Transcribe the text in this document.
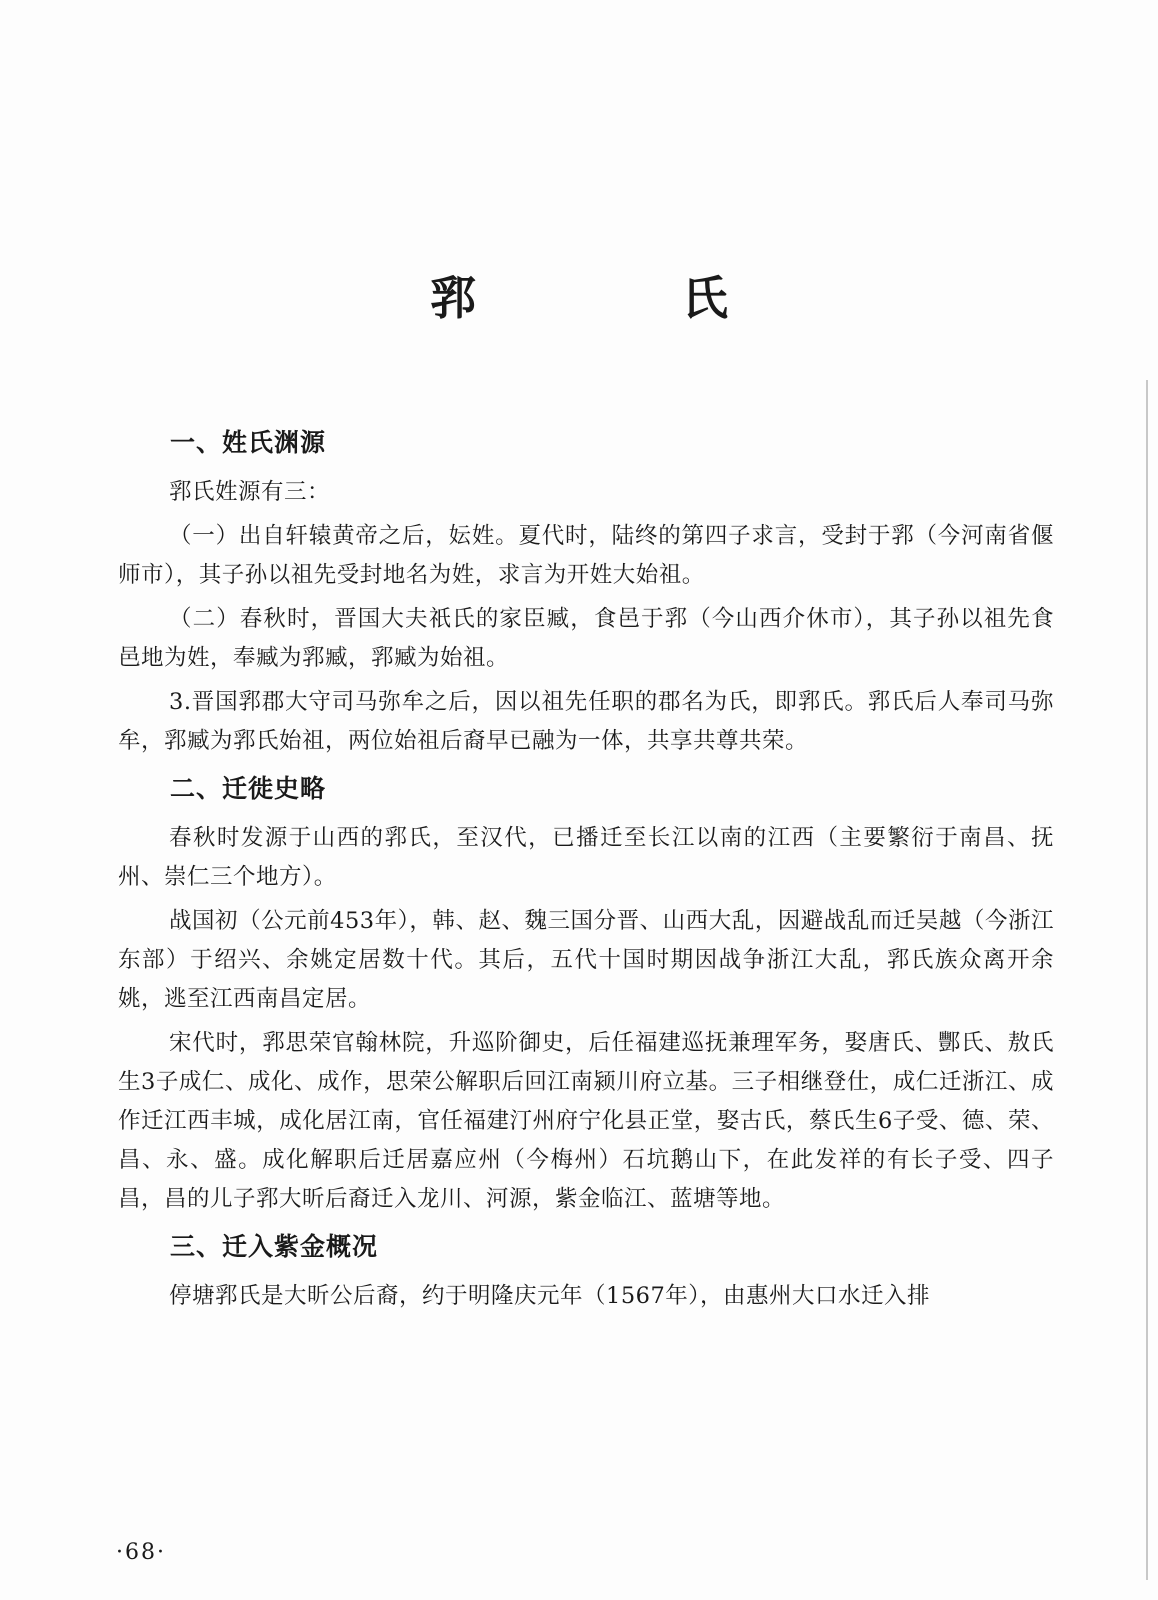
郛　氏
一、姓氏渊源

郛氏姓源有三：

（一）出自轩辕黄帝之后，妘姓。夏代时，陆终的第四子求言，受封于郛（今河南省偃师市），其子孙以祖先受封地名为姓，求言为开姓大始祖。

（二）春秋时，晋国大夫祇氏的家臣臧，食邑于郛（今山西介休市），其子孙以祖先食邑地为姓，奉臧为郛臧，郛臧为始祖。

3.晋国郛郡大守司马弥牟之后，因以祖先任职的郡名为氏，即郛氏。郛氏后人奉司马弥牟，郛臧为郛氏始祖，两位始祖后裔早已融为一体，共享共尊共荣。

二、迁徙史略

春秋时发源于山西的郛氏，至汉代，已播迁至长江以南的江西（主要繁衍于南昌、抚州、崇仁三个地方）。

战国初（公元前453年），韩、赵、魏三国分晋、山西大乱，因避战乱而迁吴越（今浙江东部）于绍兴、余姚定居数十代。其后，五代十国时期因战争浙江大乱，郛氏族众离开余姚，逃至江西南昌定居。

宋代时，郛思荣官翰林院，升巡阶御史，后任福建巡抚兼理军务，娶唐氏、酆氏、敖氏生3子成仁、成化、成作，思荣公解职后回江南颍川府立基。三子相继登仕，成仁迁浙江、成作迁江西丰城，成化居江南，官任福建汀州府宁化县正堂，娶古氏，蔡氏生6子受、德、荣、昌、永、盛。成化解职后迁居嘉应州（今梅州）石坑鹅山下，在此发祥的有长子受、四子昌，昌的儿子郛大昕后裔迁入龙川、河源，紫金临江、蓝塘等地。

三、迁入紫金概况

停塘郛氏是大昕公后裔，约于明隆庆元年（1567年），由惠州大口水迁入排

·68·
